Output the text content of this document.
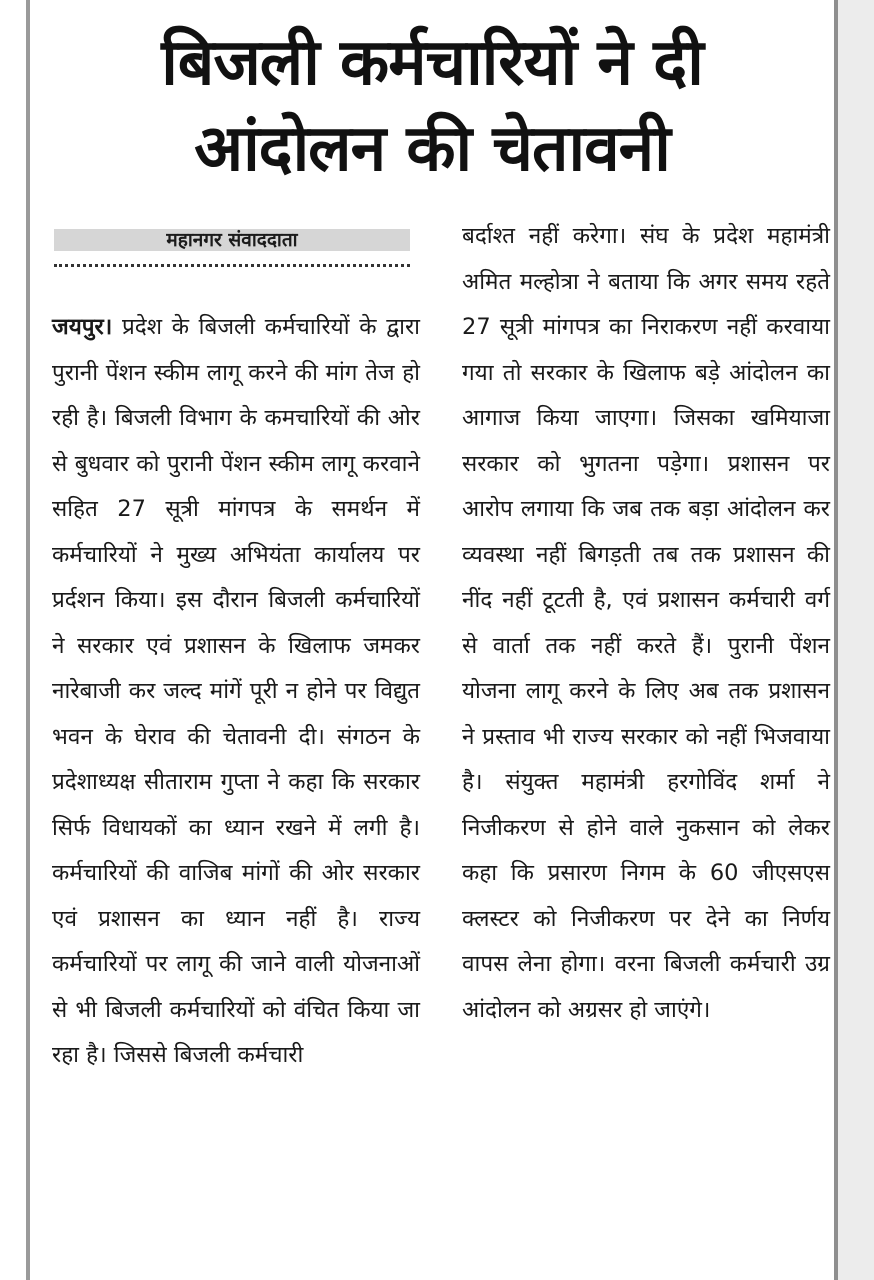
बिजली कर्मचारियों ने दी
आंदोलन की चेतावनी
महानगर संवाददाता

जयपुर। प्रदेश के बिजली कर्मचारियों के द्वारा पुरानी पेंशन स्कीम लागू करने की मांग तेज हो रही है। बिजली विभाग के कमचारियों की ओर से बुधवार को पुरानी पेंशन स्कीम लागू करवाने सहित 27 सूत्री मांगपत्र के समर्थन में कर्मचारियों ने मुख्य अभियंता कार्यालय पर प्रर्दशन किया। इस दौरान बिजली कर्मचारियों ने सरकार एवं प्रशासन के खिलाफ जमकर नारेबाजी कर जल्द मांगें पूरी न होने पर विद्युत भवन के घेराव की चेतावनी दी। संगठन के प्रदेशाध्यक्ष सीताराम गुप्ता ने कहा कि सरकार सिर्फ विधायकों का ध्यान रखने में लगी है। कर्मचारियों की वाजिब मांगों की ओर सरकार एवं प्रशासन का ध्यान नहीं है। राज्य कर्मचारियों पर लागू की जाने वाली योजनाओं से भी बिजली कर्मचारियों को वंचित किया जा रहा है। जिससे बिजली कर्मचारी

बर्दाश्त नहीं करेगा। संघ के प्रदेश महामंत्री अमित मल्होत्रा ने बताया कि अगर समय रहते 27 सूत्री मांगपत्र का निराकरण नहीं करवाया गया तो सरकार के खिलाफ बड़े आंदोलन का आगाज किया जाएगा। जिसका खमियाजा सरकार को भुगतना पड़ेगा। प्रशासन पर आरोप लगाया कि जब तक बड़ा आंदोलन कर व्यवस्था नहीं बिगड़ती तब तक प्रशासन की नींद नहीं टूटती है, एवं प्रशासन कर्मचारी वर्ग से वार्ता तक नहीं करते हैं। पुरानी पेंशन योजना लागू करने के लिए अब तक प्रशासन ने प्रस्ताव भी राज्य सरकार को नहीं भिजवाया है। संयुक्त महामंत्री हरगोविंद शर्मा ने निजीकरण से होने वाले नुकसान को लेकर कहा कि प्रसारण निगम के 60 जीएसएस क्लस्टर को निजीकरण पर देने का निर्णय वापस लेना होगा। वरना बिजली कर्मचारी उग्र आंदोलन को अग्रसर हो जाएंगे।
